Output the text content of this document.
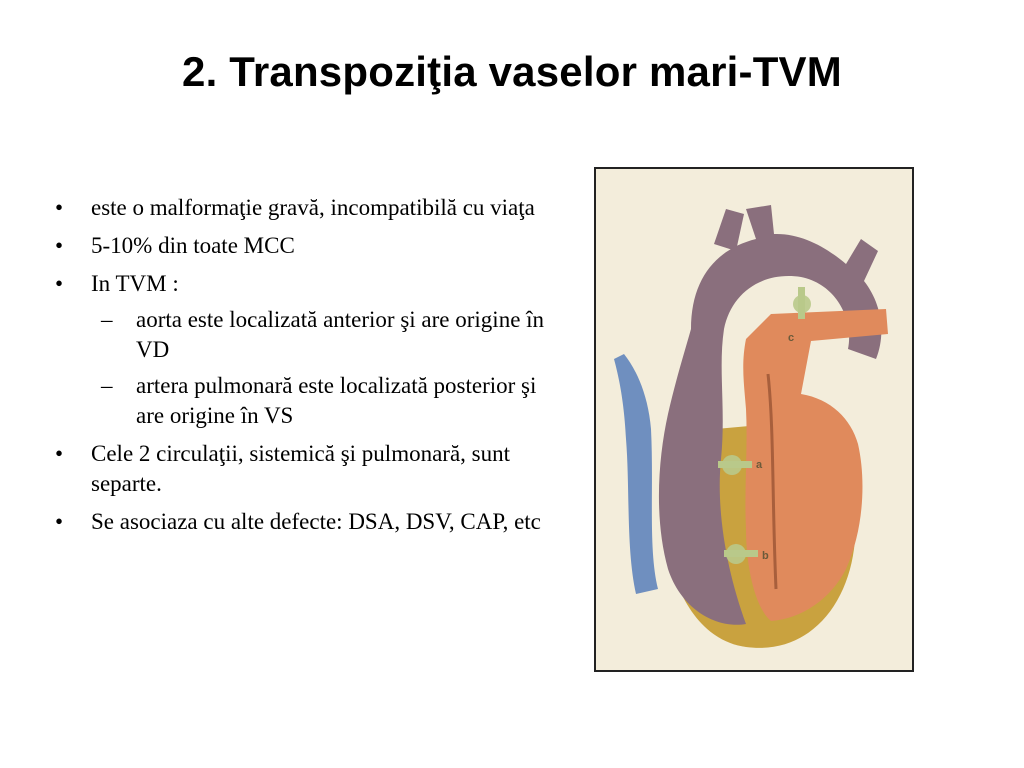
2. Transpoziţia vaselor mari-TVM
• este o malformaţie gravă, incompatibilă cu viaţa
• 5-10% din toate MCC
• In TVM :
– aorta este localizată anterior şi are origine în VD
– artera pulmonară este localizată posterior şi are origine în VS
• Cele 2 circulaţii, sistemică şi pulmonară, sunt separte.
• Se asociaza cu alte defecte: DSA, DSV, CAP, etc
a
b
c
